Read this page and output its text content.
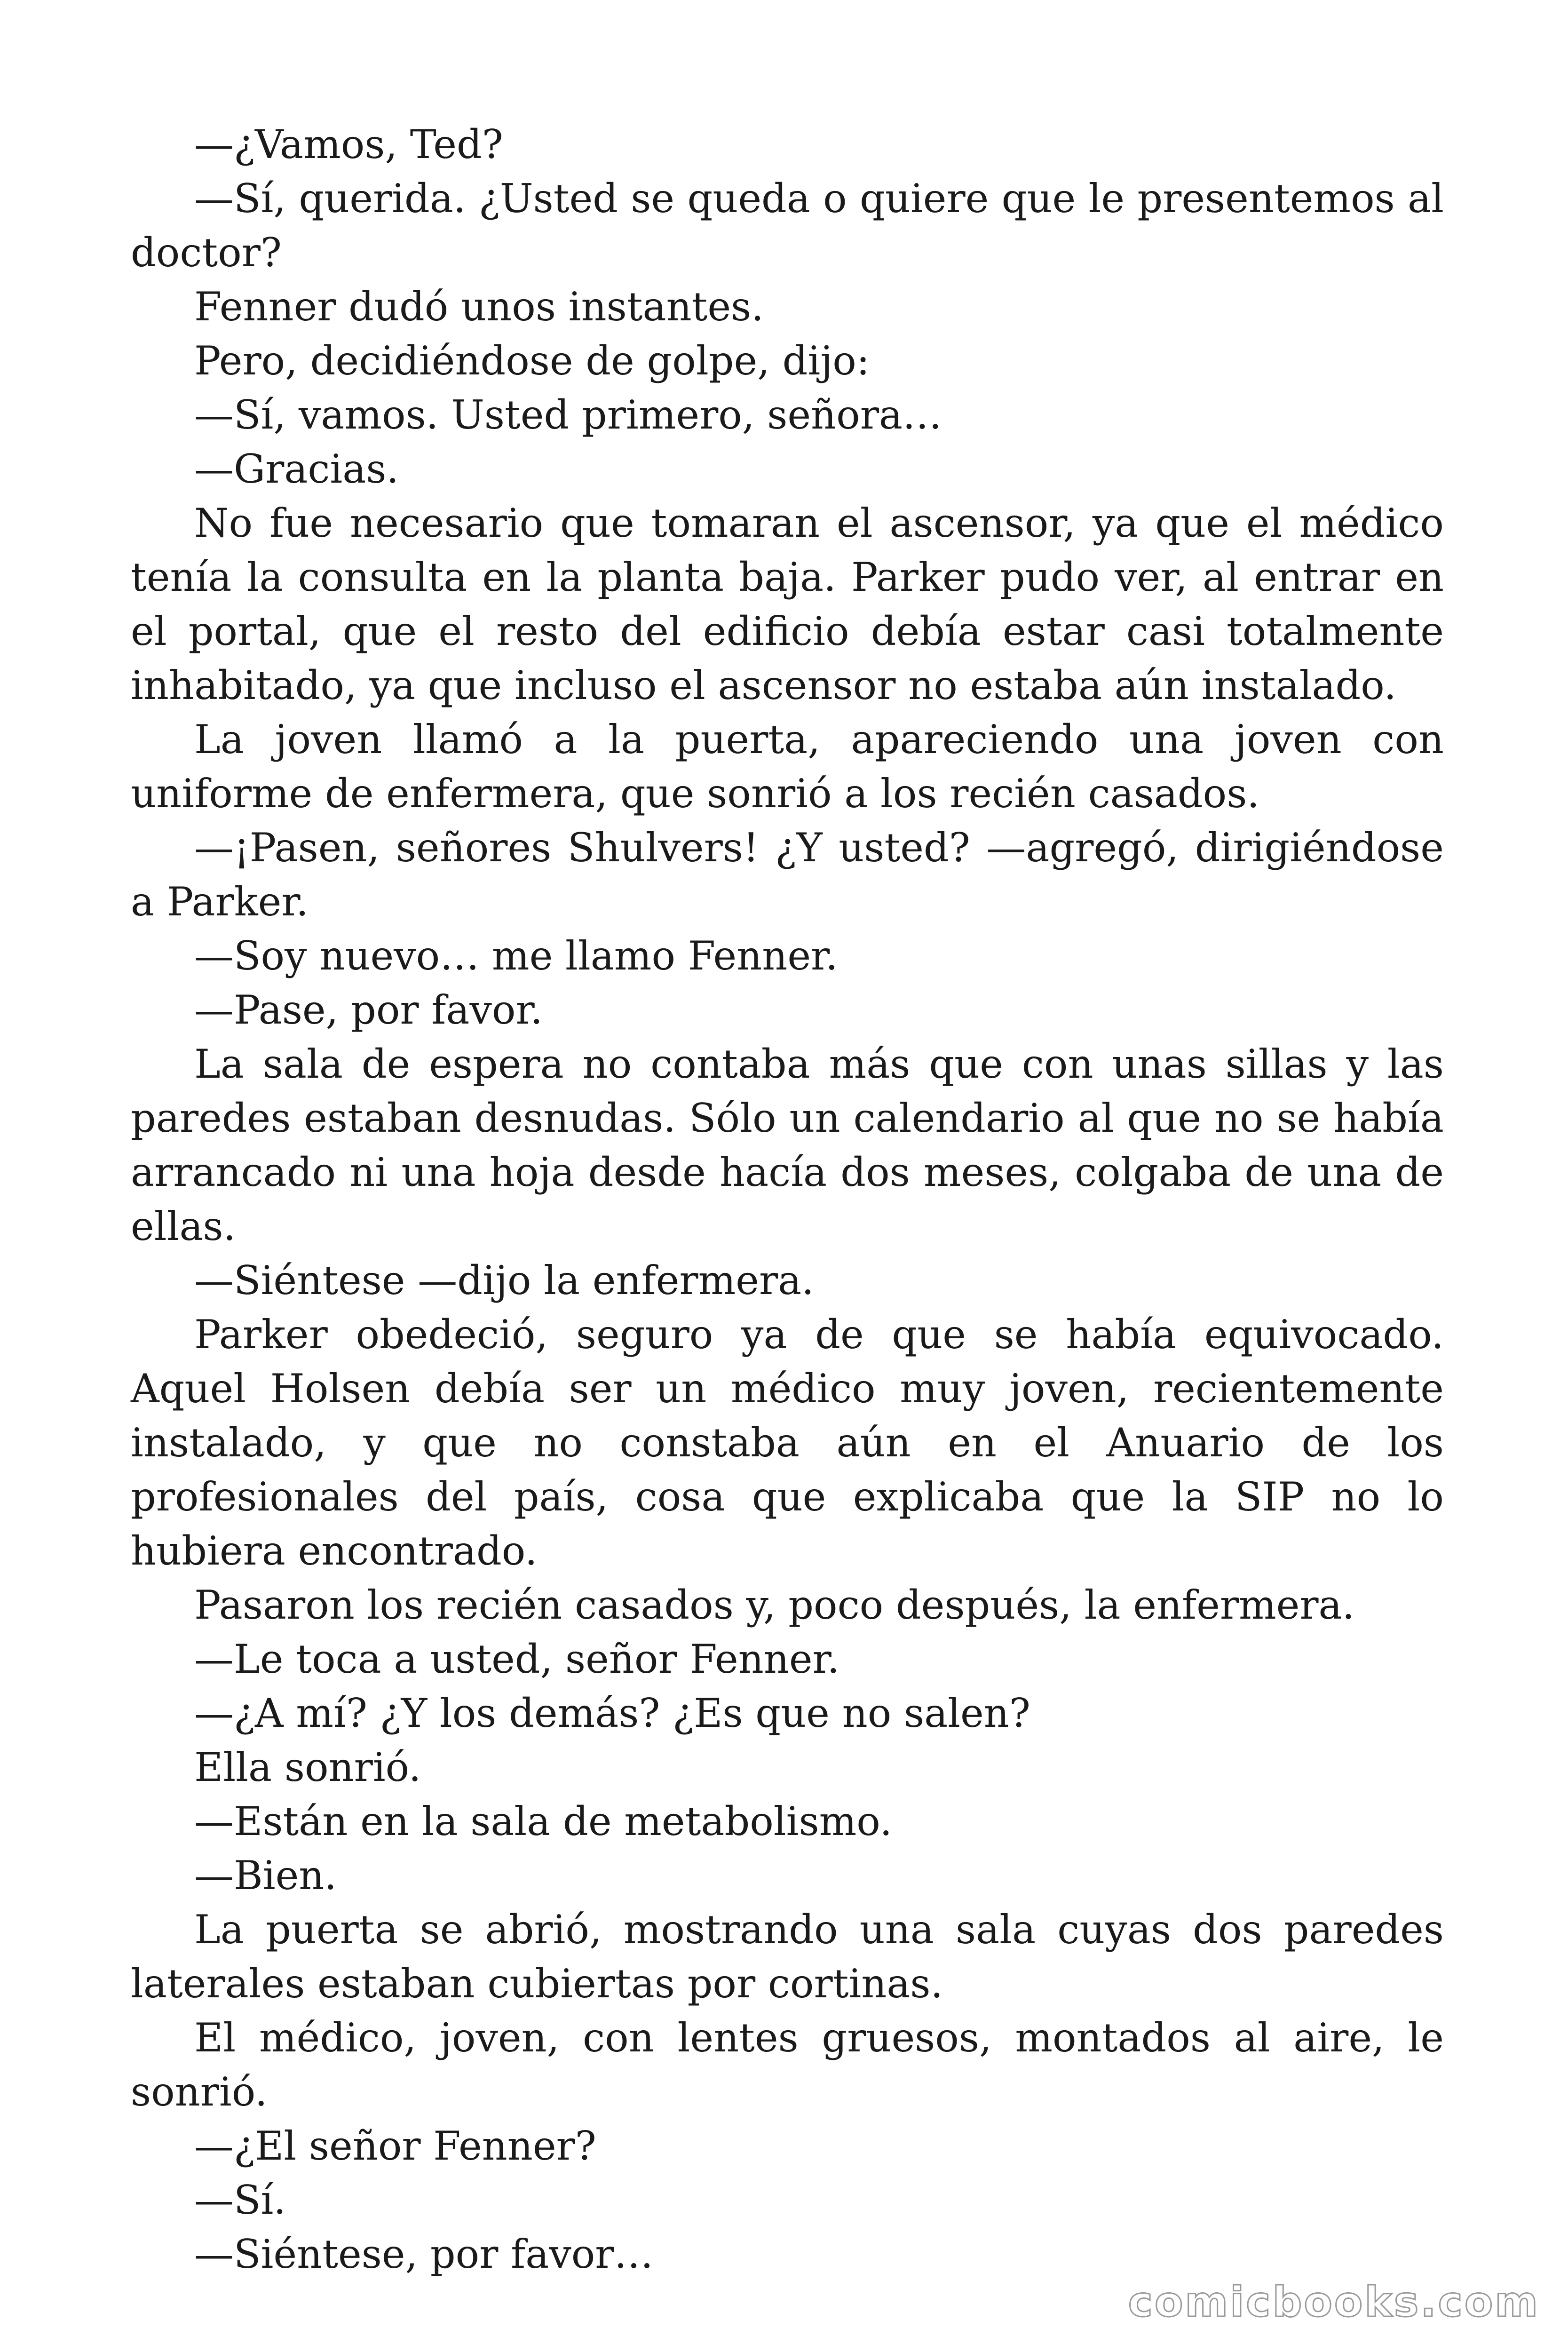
—¿Vamos, Ted?

—Sí, querida. ¿Usted se queda o quiere que le presentemos al doctor?

Fenner dudó unos instantes.

Pero, decidiéndose de golpe, dijo:

—Sí, vamos. Usted primero, señora…

—Gracias.

No fue necesario que tomaran el ascensor, ya que el médico tenía la consulta en la planta baja. Parker pudo ver, al entrar en el portal, que el resto del edificio debía estar casi totalmente inhabitado, ya que incluso el ascensor no estaba aún instalado.

La joven llamó a la puerta, apareciendo una joven con uniforme de enfermera, que sonrió a los recién casados.

—¡Pasen, señores Shulvers! ¿Y usted? —agregó, dirigiéndose a Parker.

—Soy nuevo… me llamo Fenner.

—Pase, por favor.

La sala de espera no contaba más que con unas sillas y las paredes estaban desnudas. Sólo un calendario al que no se había arrancado ni una hoja desde hacía dos meses, colgaba de una de ellas.

—Siéntese —dijo la enfermera.

Parker obedeció, seguro ya de que se había equivocado. Aquel Holsen debía ser un médico muy joven, recientemente instalado, y que no constaba aún en el Anuario de los profesionales del país, cosa que explicaba que la SIP no lo hubiera encontrado.

Pasaron los recién casados y, poco después, la enfermera.

—Le toca a usted, señor Fenner.

—¿A mí? ¿Y los demás? ¿Es que no salen?

Ella sonrió.

—Están en la sala de metabolismo.

—Bien.

La puerta se abrió, mostrando una sala cuyas dos paredes laterales estaban cubiertas por cortinas.

El médico, joven, con lentes gruesos, montados al aire, le sonrió.

—¿El señor Fenner?

—Sí.

—Siéntese, por favor…

comicbooks.com
